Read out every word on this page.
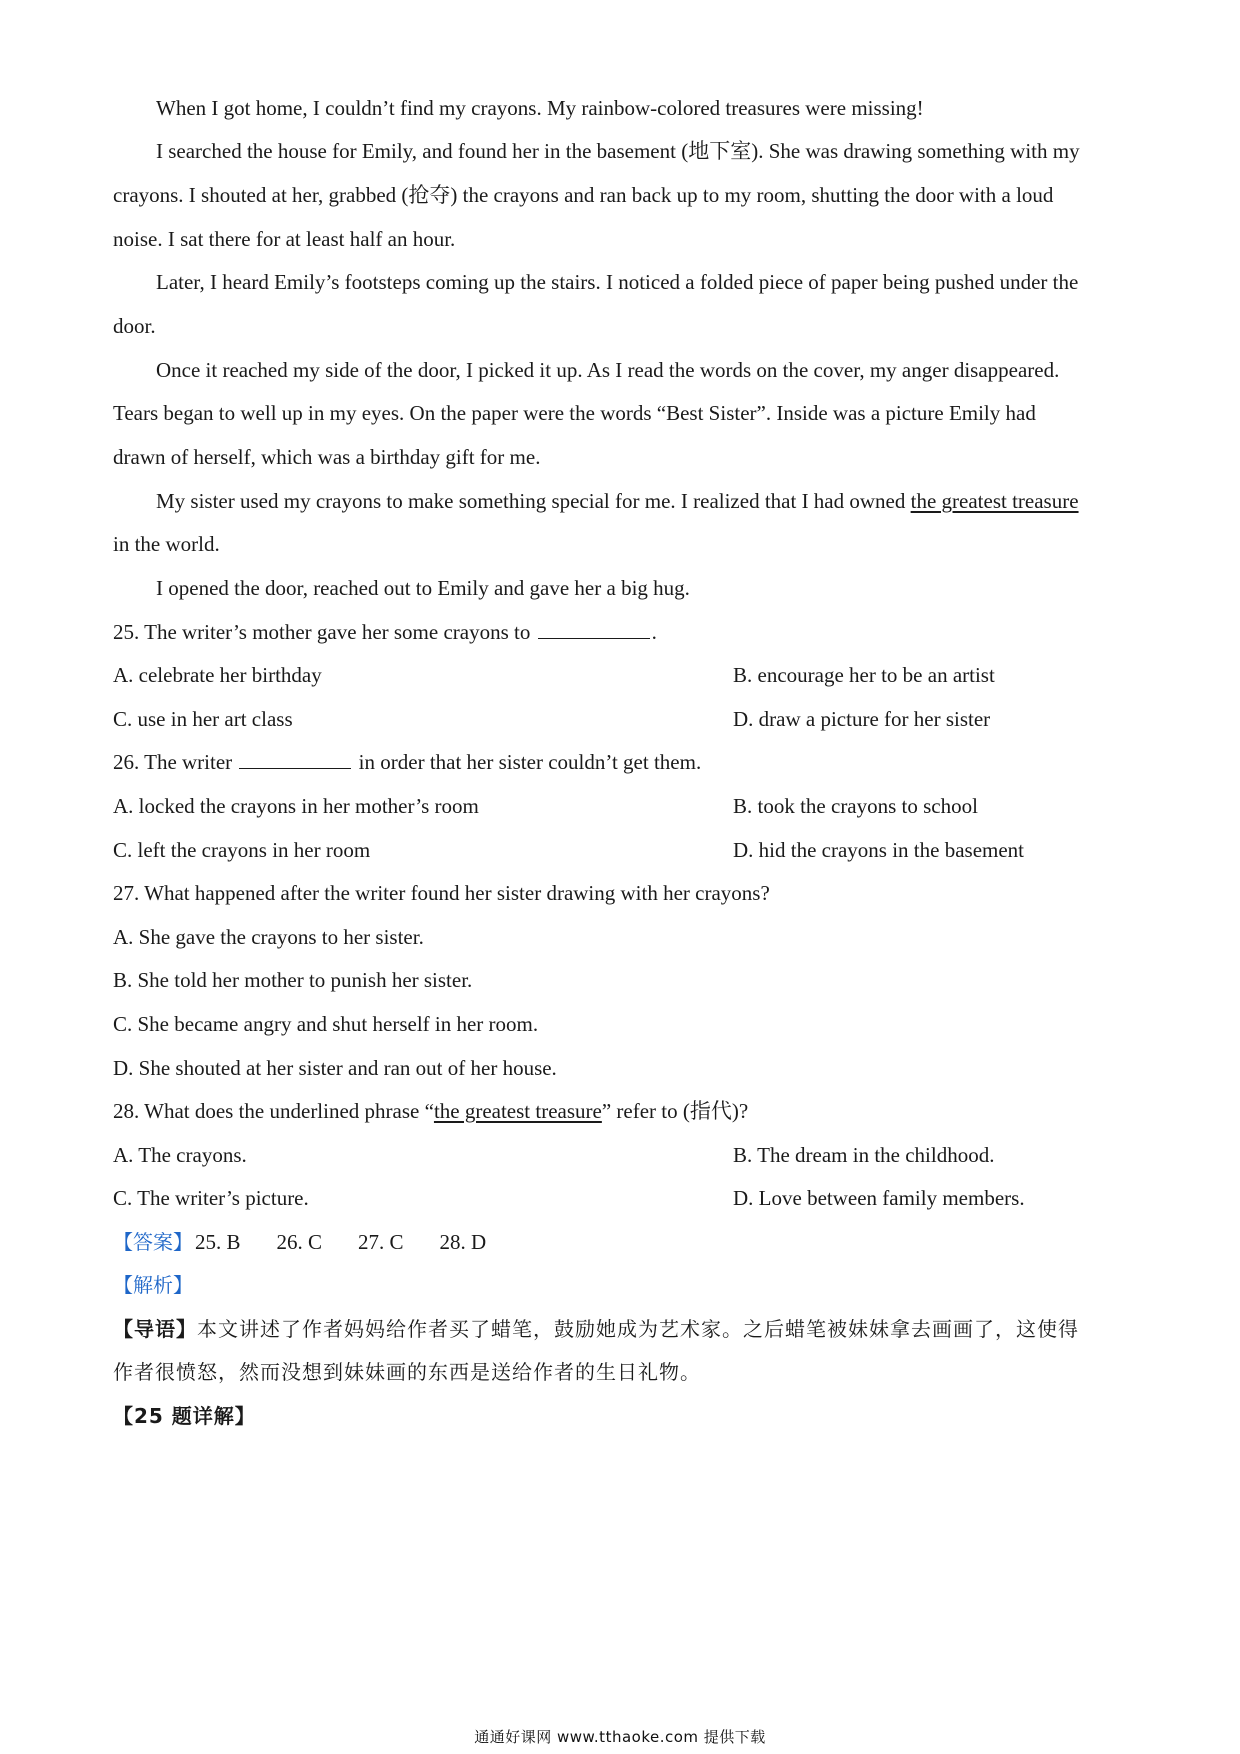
When I got home, I couldn’t find my crayons. My rainbow-colored treasures were missing!
I searched the house for Emily, and found her in the basement (地下室). She was drawing something with my
crayons. I shouted at her, grabbed (抢夺) the crayons and ran back up to my room, shutting the door with a loud
noise. I sat there for at least half an hour.
Later, I heard Emily’s footsteps coming up the stairs. I noticed a folded piece of paper being pushed under the
door.
Once it reached my side of the door, I picked it up. As I read the words on the cover, my anger disappeared.
Tears began to well up in my eyes. On the paper were the words “Best Sister”. Inside was a picture Emily had
drawn of herself, which was a birthday gift for me.
My sister used my crayons to make something special for me. I realized that I had owned the greatest treasure
in the world.
I opened the door, reached out to Emily and gave her a big hug.
25. The writer’s mother gave her some crayons to	.
A. celebrate her birthday	B. encourage her to be an artist
C. use in her art class	D. draw a picture for her sister
26. The writer	in order that her sister couldn’t get them.
A. locked the crayons in her mother’s room	B. took the crayons to school
C. left the crayons in her room	D. hid the crayons in the basement
27. What happened after the writer found her sister drawing with her crayons?
A. She gave the crayons to her sister.
B. She told her mother to punish her sister.
C. She became angry and shut herself in her room.
D. She shouted at her sister and ran out of her house.
28. What does the underlined phrase “the greatest treasure” refer to (指代)?
A. The crayons.	B. The dream in the childhood.
C. The writer’s picture.	D. Love between family members.
【答案】25. B 26. C 27. C 28. D
【解析】
【导语】本文讲述了作者妈妈给作者买了蜡笔，鼓励她成为艺术家。之后蜡笔被妹妹拿去画画了，这使得
作者很愤怒，然而没想到妹妹画的东西是送给作者的生日礼物。
【25 题详解】
通通好课网 www.tthaoke.com 提供下载
